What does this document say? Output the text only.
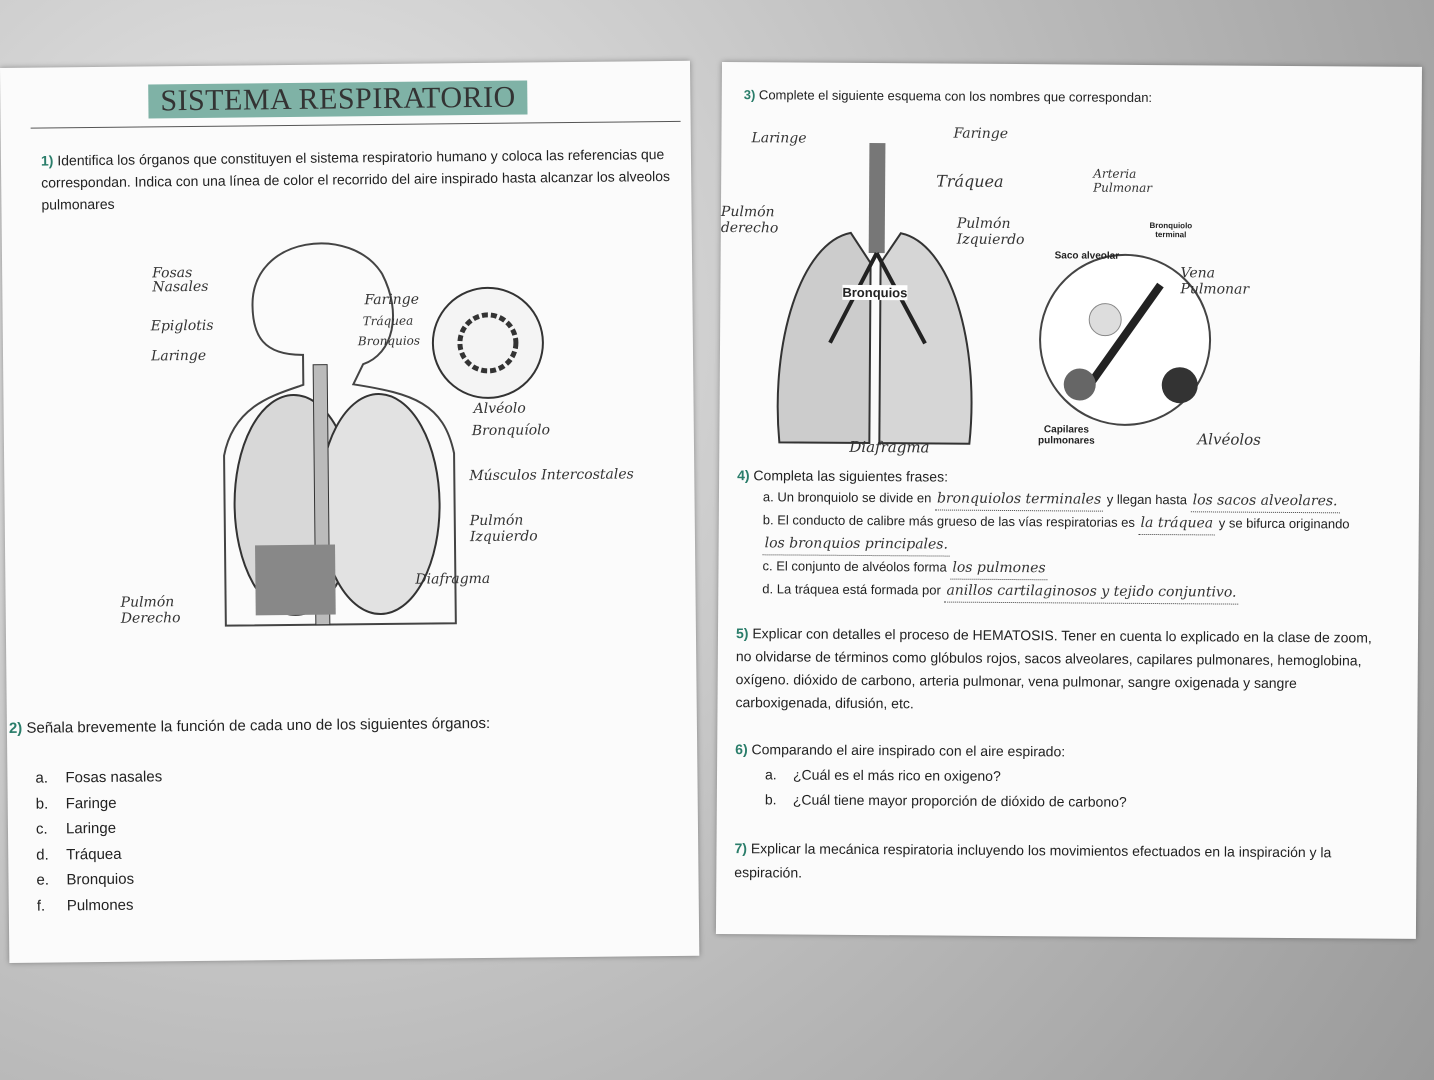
SISTEMA RESPIRATORIO
1) Identifica los órganos que constituyen el sistema respiratorio humano y coloca las referencias que correspondan. Indica con una línea de color el recorrido del aire inspirado hasta alcanzar los alveolos pulmonares
Fosas Nasales
Epiglotis
Laringe
Faringe
Tráquea
Bronquios
Alvéolo
Bronquíolo
Músculos Intercostales
Pulmón Izquierdo
Diafragma
Pulmón Derecho
2) Señala brevemente la función de cada uno de los siguientes órganos:
a. Fosas nasales
b. Faringe
c. Laringe
d. Tráquea
e. Bronquios
f. Pulmones
3) Complete el siguiente esquema con los nombres que correspondan:
Laringe	Faringe
Tráquea
Pulmón derecho	Pulmón Izquierdo
Diafragma
Arteria Pulmonar
Vena Pulmonar
Alvéolos
Bronquios
Saco alveolar
Bronquiolo terminal
Capilares pulmonares
4) Completa las siguientes frases:
a. Un bronquiolo se divide en bronquiolos terminales y llegan hasta los sacos alveolares.
b. El conducto de calibre más grueso de las vías respiratorias es la tráquea y se bifurca originando los bronquios principales.
c. El conjunto de alvéolos forma los pulmones
d. La tráquea está formada por anillos cartilaginosos y tejido conjuntivo.
5) Explicar con detalles el proceso de HEMATOSIS. Tener en cuenta lo explicado en la clase de zoom, no olvidarse de términos como glóbulos rojos, sacos alveolares, capilares pulmonares, hemoglobina, oxígeno. dióxido de carbono, arteria pulmonar, vena pulmonar, sangre oxigenada y sangre carboxigenada, difusión, etc.
6) Comparando el aire inspirado con el aire espirado:
a. ¿Cuál es el más rico en oxigeno?
b. ¿Cuál tiene mayor proporción de dióxido de carbono?
7) Explicar la mecánica respiratoria incluyendo los movimientos efectuados en la inspiración y la espiración.
